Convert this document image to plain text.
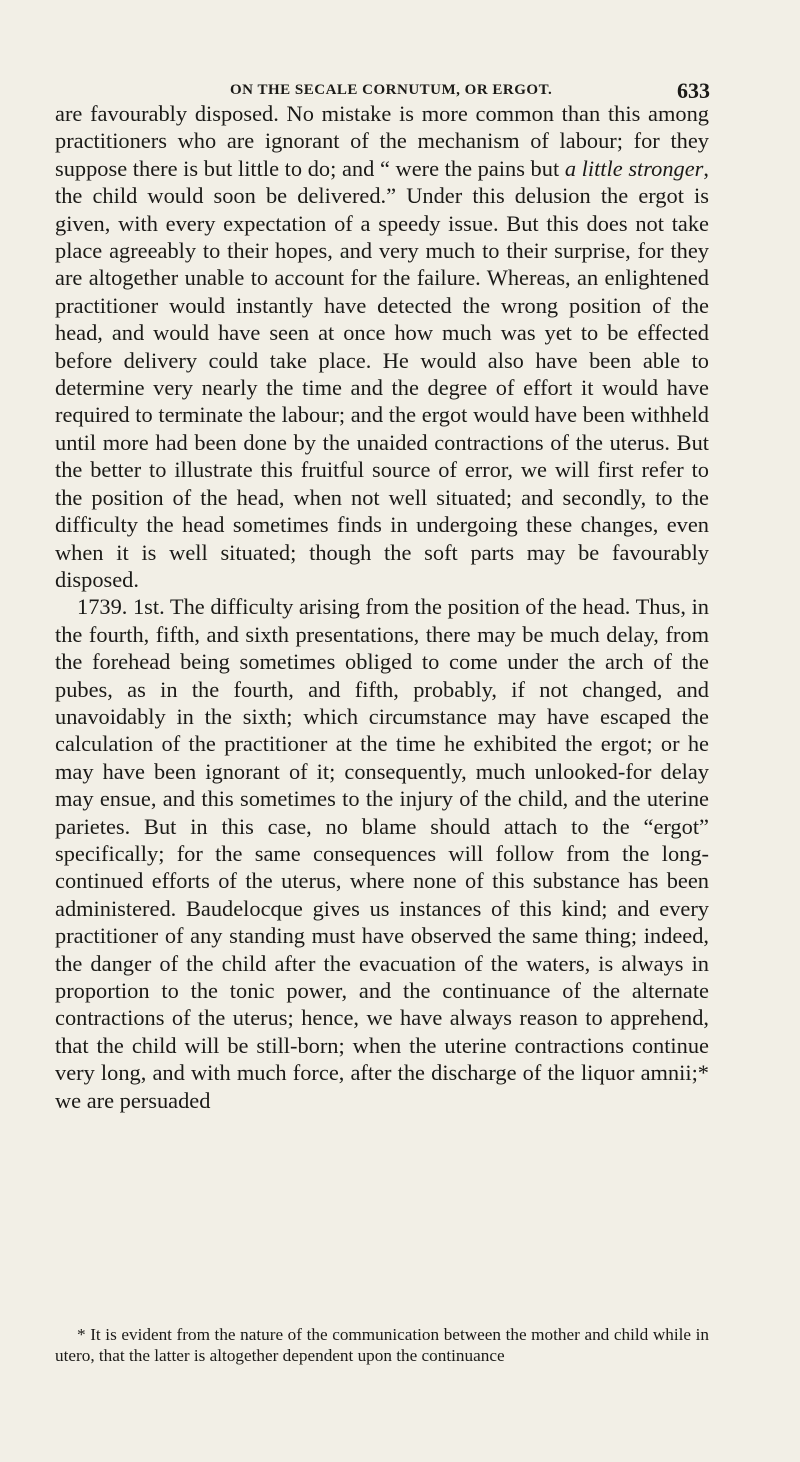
ON THE SECALE CORNUTUM, OR ERGOT.	633

are favourably disposed. No mistake is more common than this among practitioners who are ignorant of the mechanism of labour; for they suppose there is but little to do; and “ were the pains but a little stronger, the child would soon be delivered.” Under this delusion the ergot is given, with every expectation of a speedy issue. But this does not take place agreeably to their hopes, and very much to their surprise, for they are altogether unable to account for the failure. Whereas, an enlightened practitioner would instantly have detected the wrong position of the head, and would have seen at once how much was yet to be effected before delivery could take place. He would also have been able to determine very nearly the time and the degree of effort it would have required to terminate the labour; and the ergot would have been withheld until more had been done by the unaided contractions of the uterus. But the better to illustrate this fruitful source of error, we will first refer to the position of the head, when not well situated; and secondly, to the difficulty the head sometimes finds in undergoing these changes, even when it is well situated; though the soft parts may be favourably disposed.

1739. 1st. The difficulty arising from the position of the head. Thus, in the fourth, fifth, and sixth presentations, there may be much delay, from the forehead being sometimes obliged to come under the arch of the pubes, as in the fourth, and fifth, probably, if not changed, and unavoidably in the sixth; which circumstance may have escaped the calculation of the practitioner at the time he exhibited the ergot; or he may have been ignorant of it; consequently, much unlooked-for delay may ensue, and this sometimes to the injury of the child, and the uterine parietes. But in this case, no blame should attach to the “ergot” specifically; for the same consequences will follow from the long-continued efforts of the uterus, where none of this substance has been administered. Baudelocque gives us instances of this kind; and every practitioner of any standing must have observed the same thing; indeed, the danger of the child after the evacuation of the waters, is always in proportion to the tonic power, and the continuance of the alternate contractions of the uterus; hence, we have always reason to apprehend, that the child will be still-born; when the uterine contractions continue very long, and with much force, after the discharge of the liquor amnii;* we are persuaded

* It is evident from the nature of the communication between the mother and child while in utero, that the latter is altogether dependent upon the continuance
